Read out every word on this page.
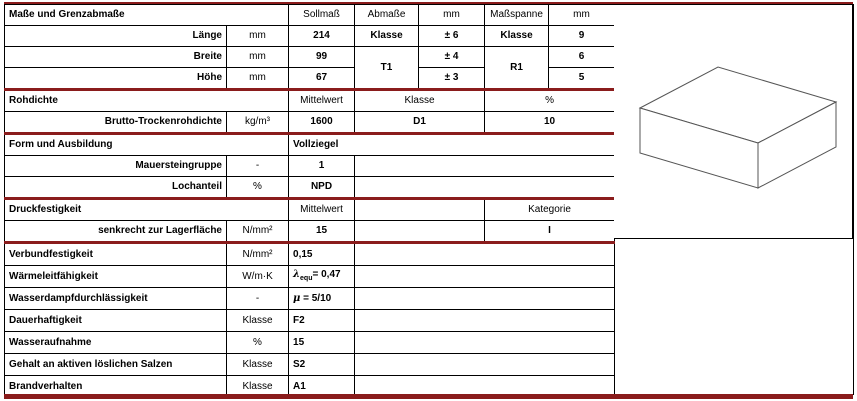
Maße und Grenzabmaße		Sollmaß	Abmaße	mm	Maßspanne	mm
Länge	mm	214	Klasse	± 6	Klasse	9
Breite	mm	99	T1	± 4	R1	6
Höhe	mm	67		± 3		5
Rohdichte		Mittelwert	Klasse		%	
Brutto-Trockenrohdichte	kg/m³	1600	D1		10	
Form und Ausbildung		Vollziegel				
Mauersteingruppe	-	1				
Lochanteil	%	NPD				
Druckfestigkeit		Mittelwert			Kategorie	
senkrecht zur Lagerfläche	N/mm²	15			I	
Verbundfestigkeit	N/mm²	0,15				
Wärmeleitfähigkeit	W/m·K	$\lambda_{equ}= 0,47$				
Wasserdampfdurchlässigkeit	-	μ = 5/10				
Dauerhaftigkeit	Klasse	F2				
Wasseraufnahme	%	15				
Gehalt an aktiven löslichen Salzen	Klasse	S2				
Brandverhalten	Klasse	A1				
